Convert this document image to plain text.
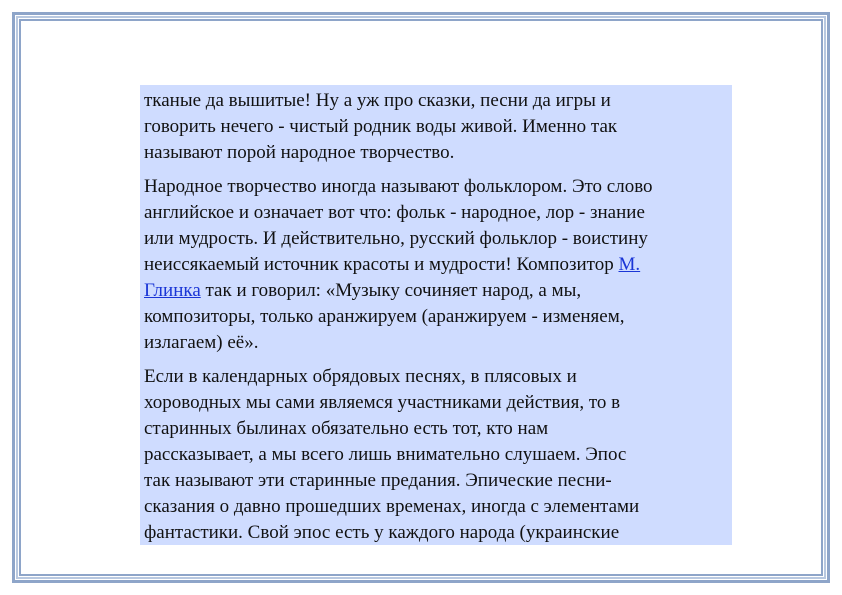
тканые да вышитые! Ну а уж про сказки, песни да игры и
говорить нечего - чистый родник воды живой. Именно так
называют порой народное творчество.

Народное творчество иногда называют фольклором. Это слово
английское и означает вот что: фольк - народное, лор - знание
или мудрость. И действительно, русский фольклор - воистину
неиссякаемый источник красоты и мудрости! Композитор М.
Глинка так и говорил: «Музыку сочиняет народ, а мы,
композиторы, только аранжируем (аранжируем - изменяем,
излагаем) её».

Если в календарных обрядовых песнях, в плясовых и
хороводных мы сами являемся участниками действия, то в
старинных былинах обязательно есть тот, кто нам
рассказывает, а мы всего лишь внимательно слушаем. Эпос
так называют эти старинные предания. Эпические песни-
сказания о давно прошедших временах, иногда с элементами
фантастики. Свой эпос есть у каждого народа (украинские
